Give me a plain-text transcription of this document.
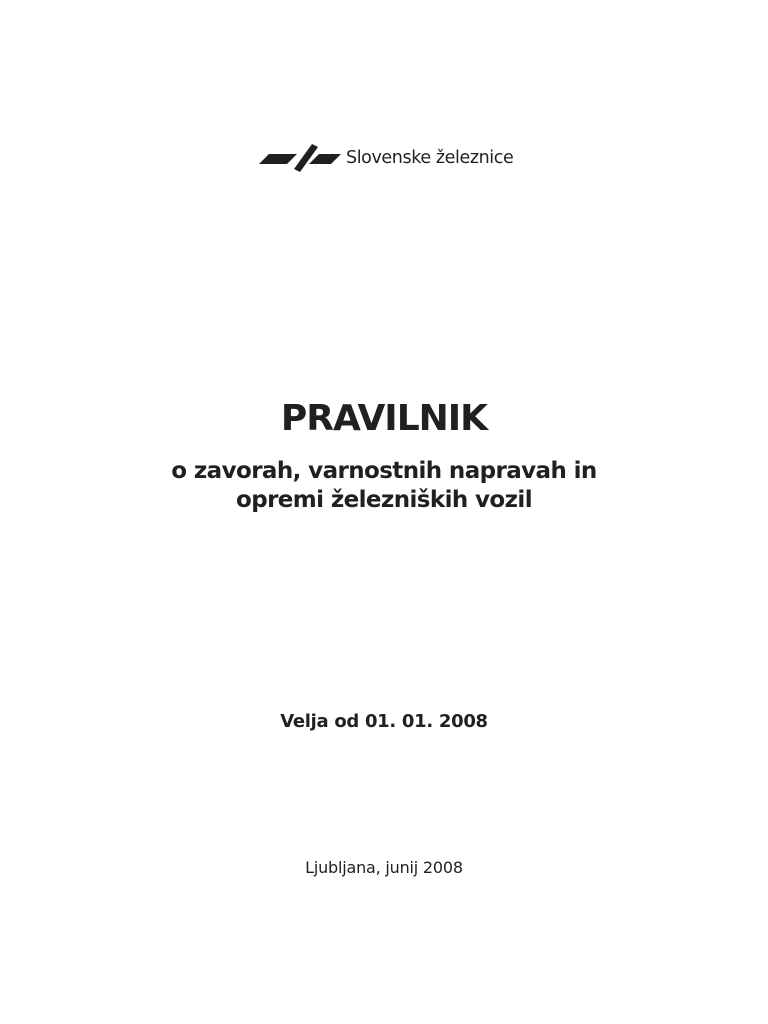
Slovenske železnice
PRAVILNIK
o zavorah, varnostnih napravah in
opremi železniških vozil
Velja od 01. 01. 2008
Ljubljana, junij 2008
